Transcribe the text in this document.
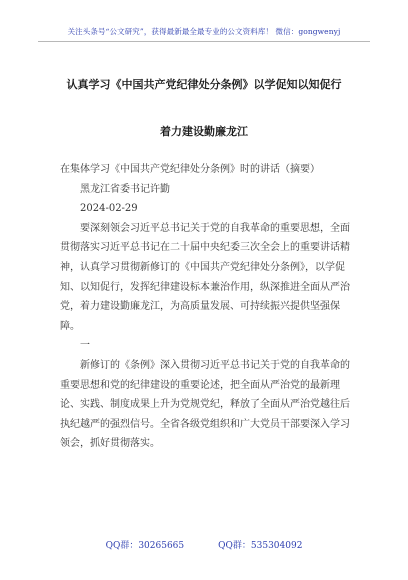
关注头条号“公文研究”，获得最新最全最专业的公文资料库！ 微信：gongwenyj
认真学习《中国共产党纪律处分条例》以学促知以知促行
着力建设勤廉龙江

在集体学习《中国共产党纪律处分条例》时的讲话（摘要）

黑龙江省委书记许勤

2024-02-29

要深刻领会习近平总书记关于党的自我革命的重要思想，全面贯彻落实习近平总书记在二十届中央纪委三次全会上的重要讲话精神，认真学习贯彻新修订的《中国共产党纪律处分条例》，以学促知、以知促行，发挥纪律建设标本兼治作用，纵深推进全面从严治党，着力建设勤廉龙江，为高质量发展、可持续振兴提供坚强保障。

一

新修订的《条例》深入贯彻习近平总书记关于党的自我革命的重要思想和党的纪律建设的重要论述，把全面从严治党的最新理论、实践、制度成果上升为党规党纪，释放了全面从严治党越往后执纪越严的强烈信号。全省各级党组织和广大党员干部要深入学习领会，抓好贯彻落实。

QQ群：30265665	QQ群：535304092
